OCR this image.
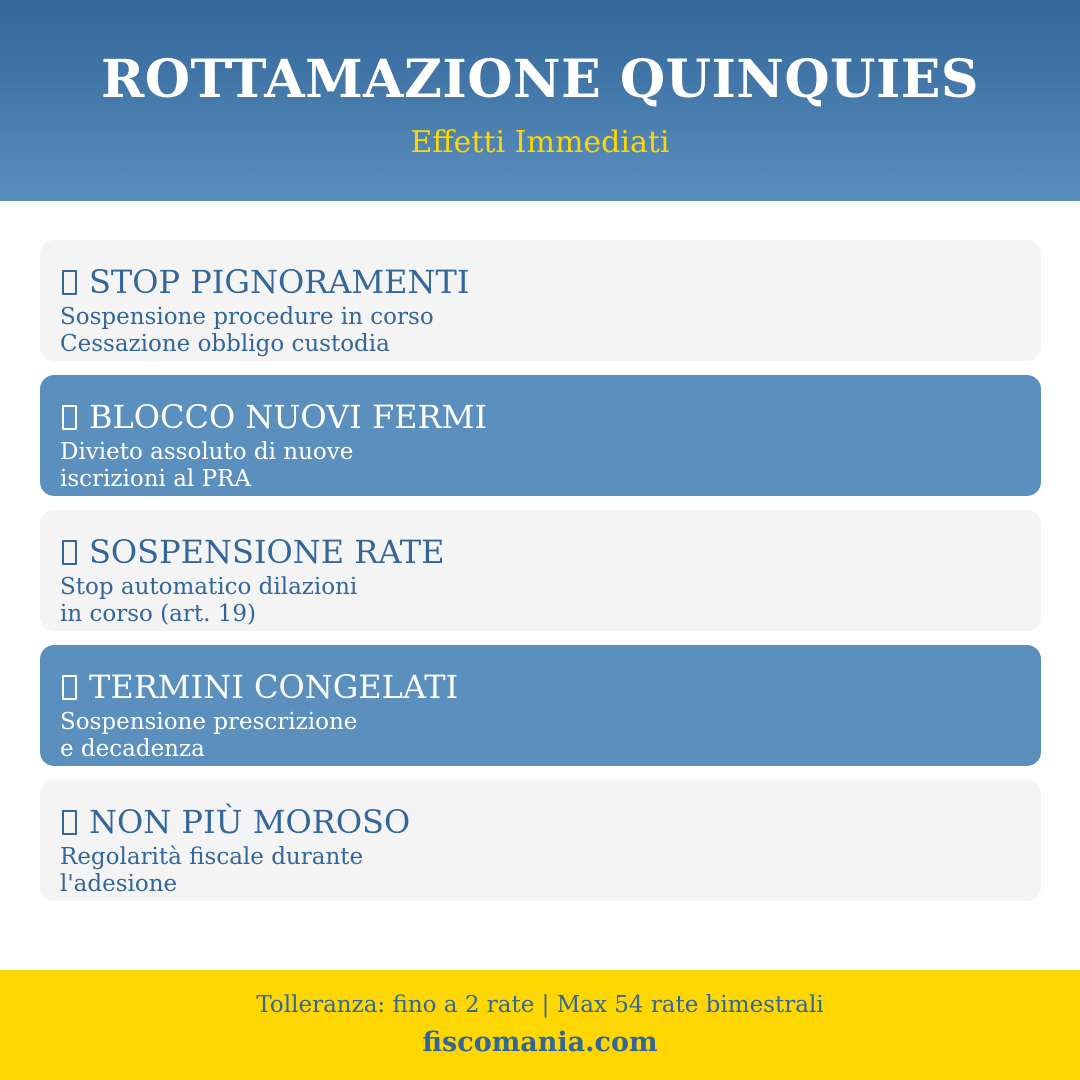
ROTTAMAZIONE QUINQUIES
Effetti Immediati
STOP PIGNORAMENTI
Sospensione procedure in corso
Cessazione obbligo custodia
BLOCCO NUOVI FERMI
Divieto assoluto di nuove
iscrizioni al PRA
SOSPENSIONE RATE
Stop automatico dilazioni
in corso (art. 19)
TERMINI CONGELATI
Sospensione prescrizione
e decadenza
NON PIÙ MOROSO
Regolarità fiscale durante
l'adesione
Tolleranza: fino a 2 rate | Max 54 rate bimestrali
fiscomania.com
